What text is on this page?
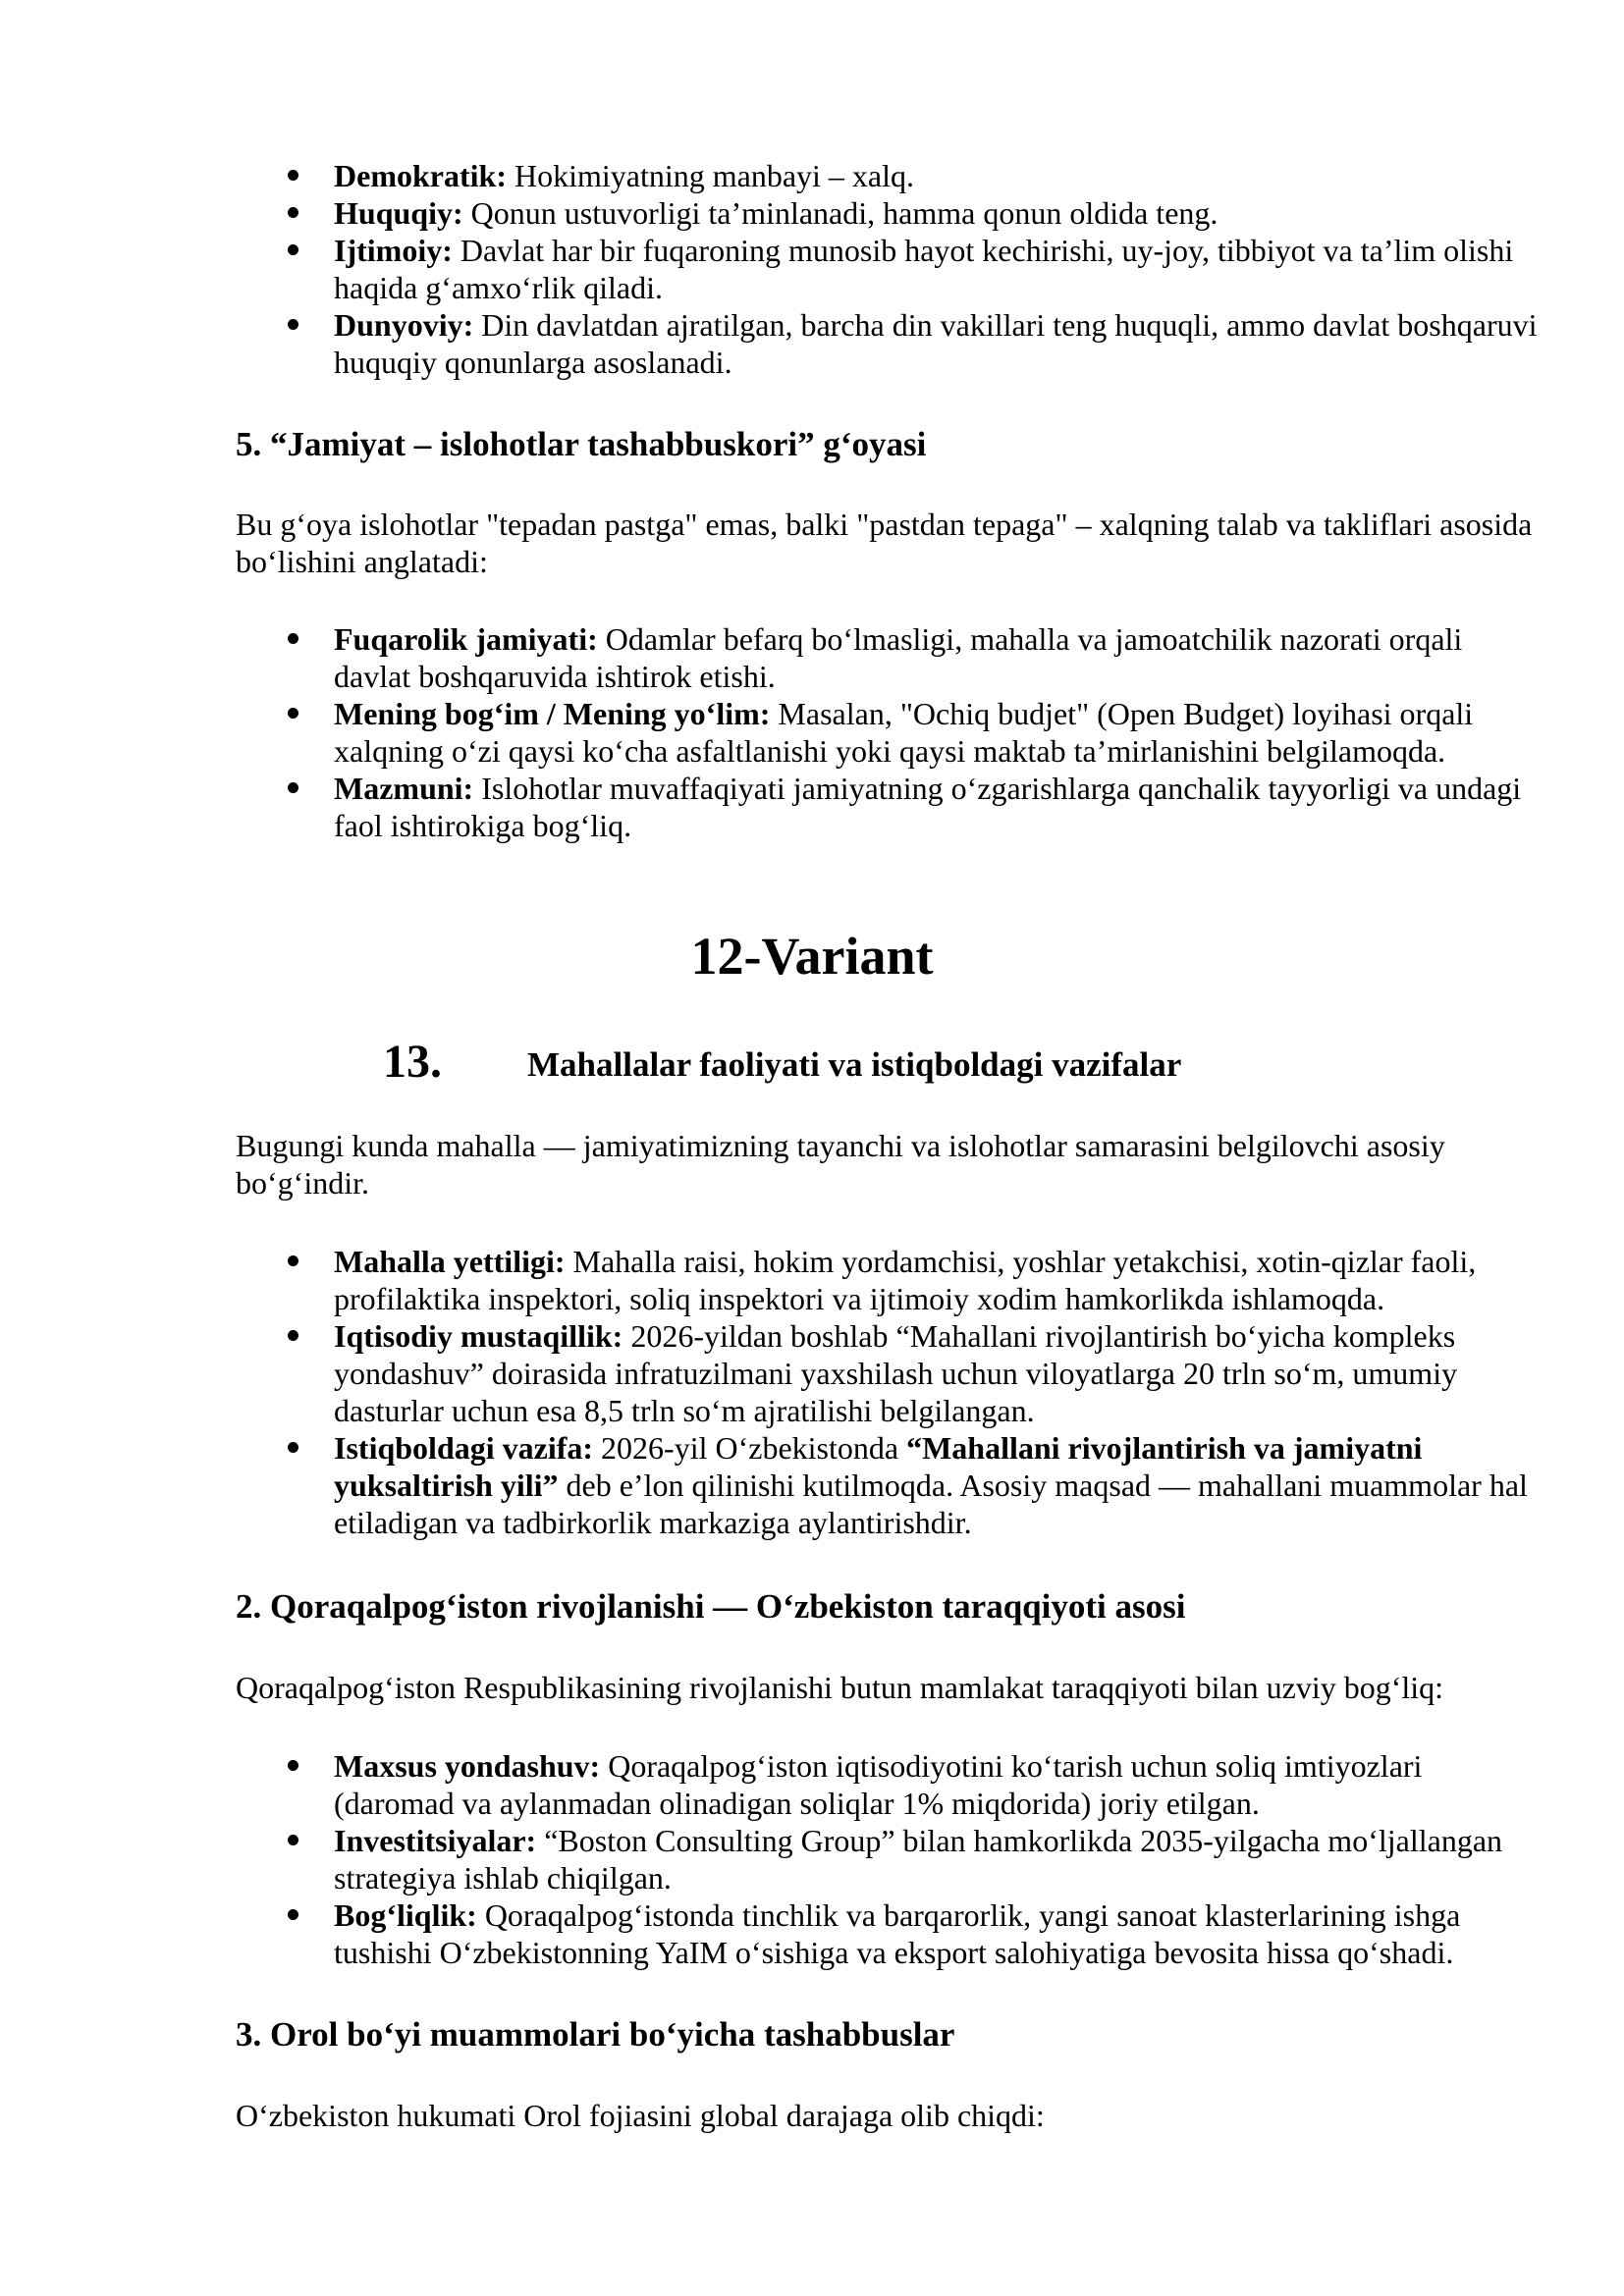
Demokratik: Hokimiyatning manbayi – xalq.
Huquqiy: Qonun ustuvorligi ta’minlanadi, hamma qonun oldida teng.
Ijtimoiy: Davlat har bir fuqaroning munosib hayot kechirishi, uy-joy, tibbiyot va ta’lim olishi haqida g‘amxo‘rlik qiladi.
Dunyoviy: Din davlatdan ajratilgan, barcha din vakillari teng huquqli, ammo davlat boshqaruvi huquqiy qonunlarga asoslanadi.
5. “Jamiyat – islohotlar tashabbuskori” g‘oyasi
Bu g‘oya islohotlar "tepadan pastga" emas, balki "pastdan tepaga" – xalqning talab va takliflari asosida bo‘lishini anglatadi:
Fuqarolik jamiyati: Odamlar befarq bo‘lmasligi, mahalla va jamoatchilik nazorati orqali davlat boshqaruvida ishtirok etishi.
Mening bog‘im / Mening yo‘lim: Masalan, "Ochiq budjet" (Open Budget) loyihasi orqali xalqning o‘zi qaysi ko‘cha asfaltlanishi yoki qaysi maktab ta’mirlanishini belgilamoqda.
Mazmuni: Islohotlar muvaffaqiyati jamiyatning o‘zgarishlarga qanchalik tayyorligi va undagi faol ishtirokiga bog‘liq.
12-Variant
13. Mahallalar faoliyati va istiqboldagi vazifalar
Bugungi kunda mahalla — jamiyatimizning tayanchi va islohotlar samarasini belgilovchi asosiy bo‘g‘indir.
Mahalla yettiligi: Mahalla raisi, hokim yordamchisi, yoshlar yetakchisi, xotin-qizlar faoli, profilaktika inspektori, soliq inspektori va ijtimoiy xodim hamkorlikda ishlamoqda.
Iqtisodiy mustaqillik: 2026-yildan boshlab “Mahallani rivojlantirish bo‘yicha kompleks yondashuv” doirasida infratuzilmani yaxshilash uchun viloyatlarga 20 trln so‘m, umumiy dasturlar uchun esa 8,5 trln so‘m ajratilishi belgilangan.
Istiqboldagi vazifa: 2026-yil O‘zbekistonda “Mahallani rivojlantirish va jamiyatni yuksaltirish yili” deb e’lon qilinishi kutilmoqda. Asosiy maqsad — mahallani muammolar hal etiladigan va tadbirkorlik markaziga aylantirishdir.
2. Qoraqalpog‘iston rivojlanishi — O‘zbekiston taraqqiyoti asosi
Qoraqalpog‘iston Respublikasining rivojlanishi butun mamlakat taraqqiyoti bilan uzviy bog‘liq:
Maxsus yondashuv: Qoraqalpog‘iston iqtisodiyotini ko‘tarish uchun soliq imtiyozlari (daromad va aylanmadan olinadigan soliqlar 1% miqdorida) joriy etilgan.
Investitsiyalar: “Boston Consulting Group” bilan hamkorlikda 2035-yilgacha mo‘ljallangan strategiya ishlab chiqilgan.
Bog‘liqlik: Qoraqalpog‘istonda tinchlik va barqarorlik, yangi sanoat klasterlarining ishga tushishi O‘zbekistonning YaIM o‘sishiga va eksport salohiyatiga bevosita hissa qo‘shadi.
3. Orol bo‘yi muammolari bo‘yicha tashabbuslar
O‘zbekiston hukumati Orol fojiasini global darajaga olib chiqdi:
